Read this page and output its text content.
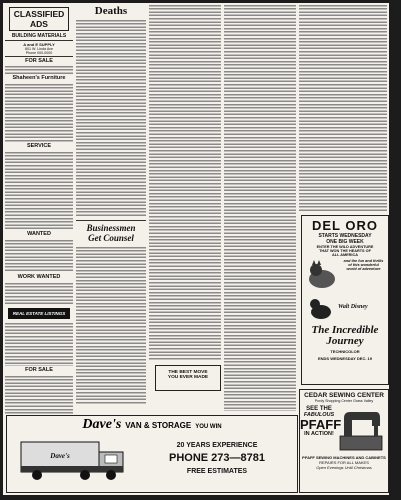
CLASSIFIED ADS
BUILDING MATERIALS
A and E SUPPLY
801 W. Linda Ave
Phone 000-0000
FOR SALE
Shaheen's Furniture
SERVICE
WANTED
WORK WANTED
REAL ESTATE LISTINGS
FOR SALE
Deaths
Businessmen
Get Counsel
THE BEST MOVE
YOU EVER MADE
Dave's VAN & STORAGE YOU WIN
Dave's
20 YEARS EXPERIENCE
PHONE 273—8781
FREE ESTIMATES
DEL ORO
STARTS WEDNESDAY
ONE BIG WEEK
ENTER THE WILD ADVENTURE
THAT WON THE HEARTS OF
ALL AMERICA
and the fun and thrills
of this wonderful
world of adventure
Walt Disney
The Incredible Journey
TECHNICOLOR
ENDS WEDNESDAY DEC. 19
CEDAR SEWING CENTER
Purdy Shopping Center Grass Valley
SEE THE
FABULOUS
PFAFF
IN ACTION!
PFAFF SEWING MACHINES AND CABINETS
REPAIRS FOR ALL MAKES
Open Evenings Until Christmas
